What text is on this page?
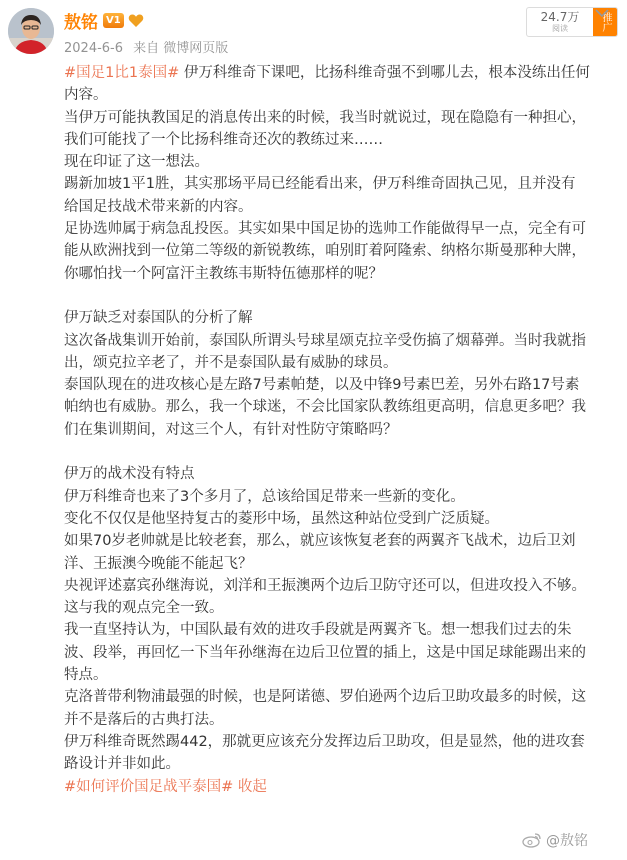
敖铭 V1
2024-6-6 来自 微博网页版
24.7万
阅读	推广
#国足1比1泰国# 伊万科维奇下课吧，比扬科维奇强不到哪儿去，根本没练出任何
内容。
当伊万可能执教国足的消息传出来的时候，我当时就说过，现在隐隐有一种担心，
我们可能找了一个比扬科维奇还次的教练过来……
现在印证了这一想法。
踢新加坡1平1胜，其实那场平局已经能看出来，伊万科维奇固执己见，且并没有
给国足技战术带来新的内容。
足协选帅属于病急乱投医。其实如果中国足协的选帅工作能做得早一点，完全有可
能从欧洲找到一位第二等级的新锐教练，咱别盯着阿隆索、纳格尔斯曼那种大牌，
你哪怕找一个阿富汗主教练韦斯特伍德那样的呢？
伊万缺乏对泰国队的分析了解
这次备战集训开始前，泰国队所谓头号球星颂克拉辛受伤搞了烟幕弹。当时我就指
出，颂克拉辛老了，并不是泰国队最有威胁的球员。
泰国队现在的进攻核心是左路7号素帕楚，以及中锋9号素巴差，另外右路17号素
帕纳也有威胁。那么，我一个球迷，不会比国家队教练组更高明，信息更多吧？我
们在集训期间，对这三个人，有针对性防守策略吗？
伊万的战术没有特点
伊万科维奇也来了3个多月了，总该给国足带来一些新的变化。
变化不仅仅是他坚持复古的菱形中场，虽然这种站位受到广泛质疑。
如果70岁老帅就是比较老套，那么，就应该恢复老套的两翼齐飞战术，边后卫刘
洋、王振澳今晚能不能起飞？
央视评述嘉宾孙继海说，刘洋和王振澳两个边后卫防守还可以，但进攻投入不够。
这与我的观点完全一致。
我一直坚持认为，中国队最有效的进攻手段就是两翼齐飞。想一想我们过去的朱
波、段举，再回忆一下当年孙继海在边后卫位置的插上，这是中国足球能踢出来的
特点。
克洛普带利物浦最强的时候，也是阿诺德、罗伯逊两个边后卫助攻最多的时候，这
并不是落后的古典打法。
伊万科维奇既然踢442，那就更应该充分发挥边后卫助攻，但是显然，他的进攻套
路设计并非如此。
#如何评价国足战平泰国# 收起
@敖铭
